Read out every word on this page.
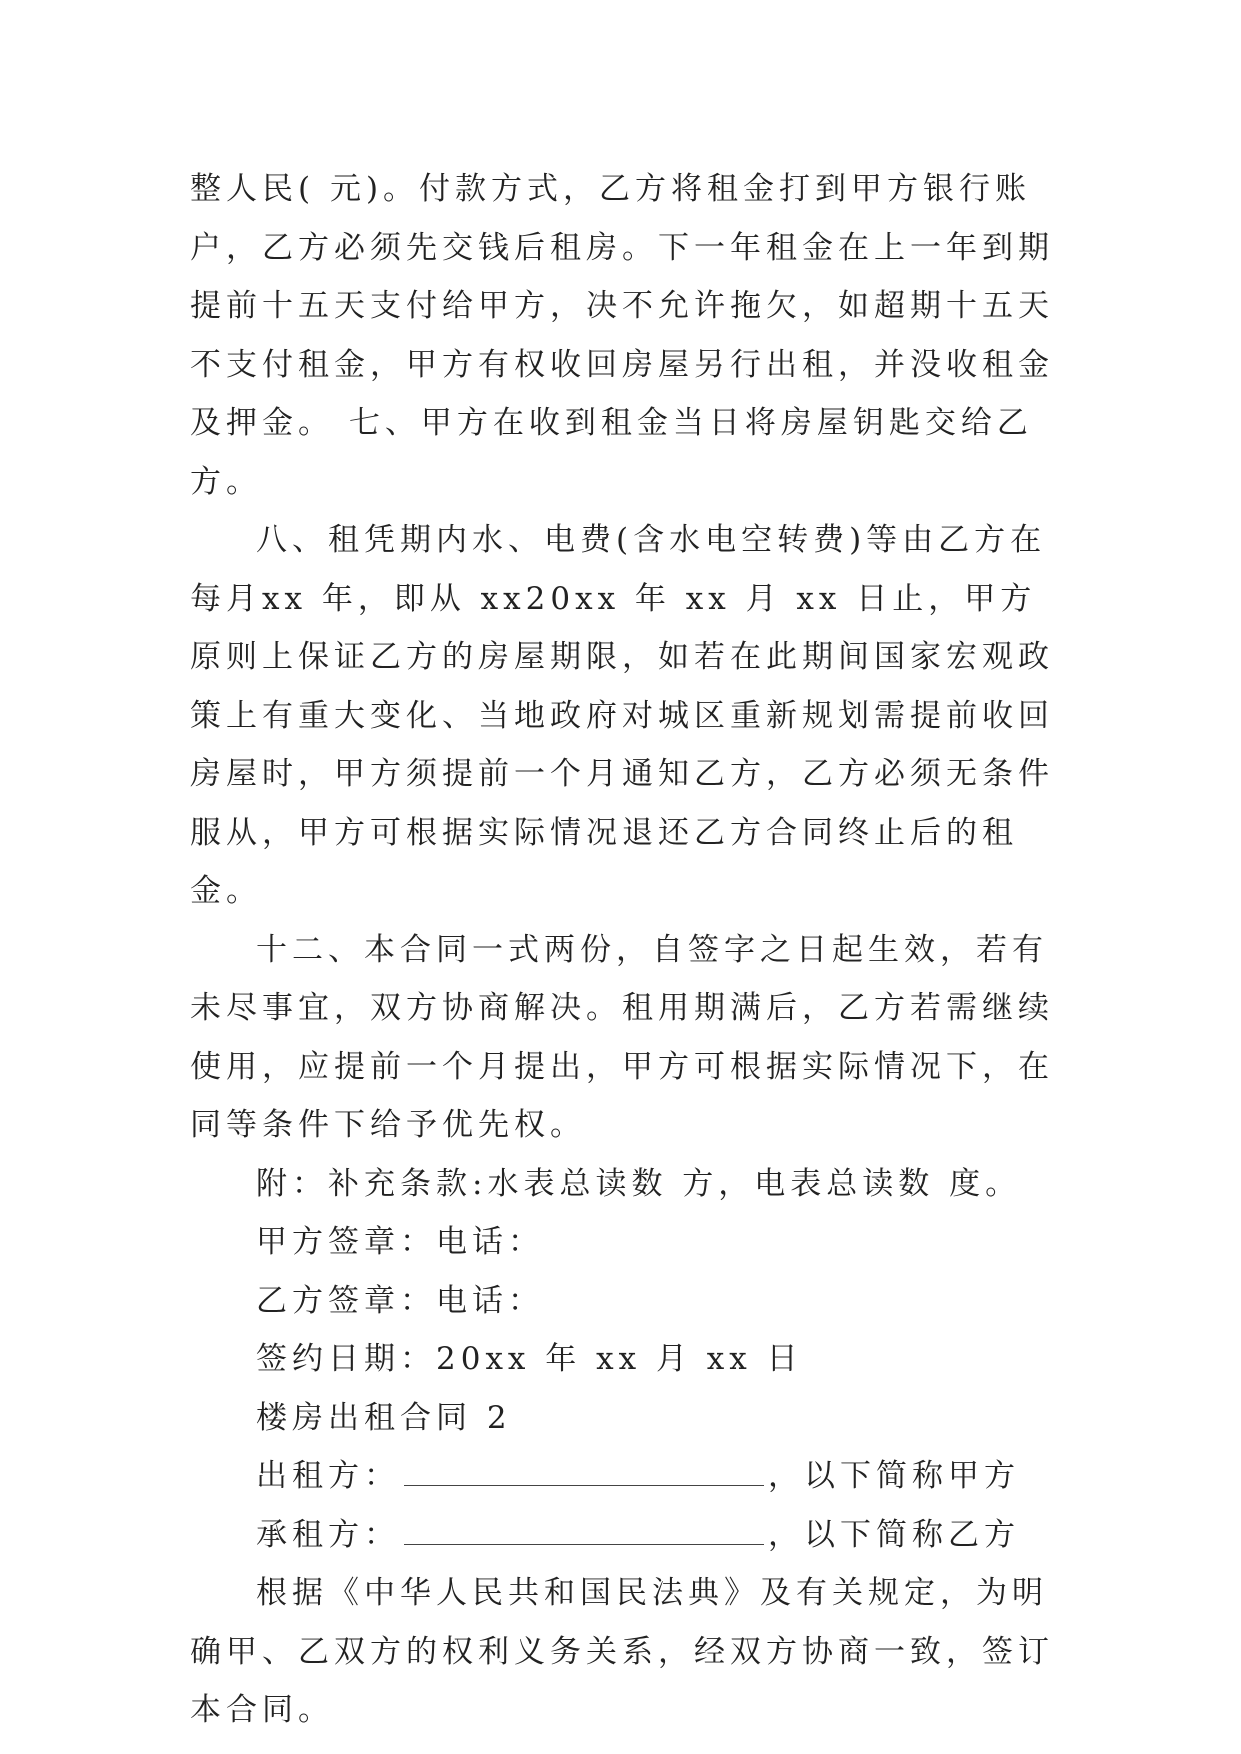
整人民( 元)。付款方式，乙方将租金打到甲方银行账户，乙方必须先交钱后租房。下一年租金在上一年到期提前十五天支付给甲方，决不允许拖欠，如超期十五天不支付租金，甲方有权收回房屋另行出租，并没收租金及押金。 七、甲方在收到租金当日将房屋钥匙交给乙方。

八、租凭期内水、电费(含水电空转费)等由乙方在每月xx 年，即从 xx20xx 年 xx 月 xx 日止，甲方原则上保证乙方的房屋期限，如若在此期间国家宏观政策上有重大变化、当地政府对城区重新规划需提前收回房屋时，甲方须提前一个月通知乙方，乙方必须无条件服从，甲方可根据实际情况退还乙方合同终止后的租金。

十二、本合同一式两份，自签字之日起生效，若有未尽事宜，双方协商解决。租用期满后，乙方若需继续使用，应提前一个月提出，甲方可根据实际情况下，在同等条件下给予优先权。

附：补充条款:水表总读数 方，电表总读数 度。

甲方签章：电话：

乙方签章：电话：

签约日期：20xx 年 xx 月 xx 日

楼房出租合同 2

出租方：	，以下简称甲方

承租方：	，以下简称乙方

根据《中华人民共和国民法典》及有关规定，为明确甲、乙双方的权利义务关系，经双方协商一致，签订本合同。
